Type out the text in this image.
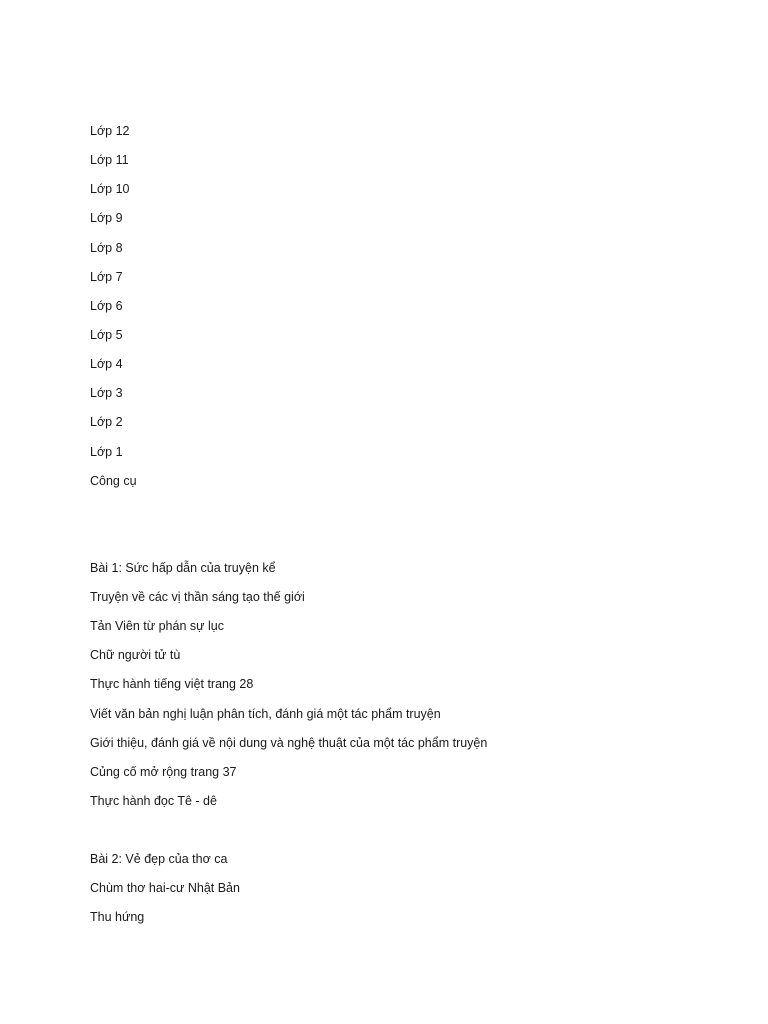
Lớp 12
Lớp 11
Lớp 10
Lớp 9
Lớp 8
Lớp 7
Lớp 6
Lớp 5
Lớp 4
Lớp 3
Lớp 2
Lớp 1
Công cụ
Bài 1: Sức hấp dẫn của truyện kể
Truyện về các vị thần sáng tạo thế giới
Tản Viên từ phán sự lục
Chữ người tử tù
Thực hành tiếng việt trang 28
Viết văn bản nghị luận phân tích, đánh giá một tác phẩm truyện
Giới thiệu, đánh giá về nội dung và nghệ thuật của một tác phẩm truyện
Củng cố mở rộng trang 37
Thực hành đọc Tê - dê
Bài 2: Vẻ đẹp của thơ ca
Chùm thơ hai-cư Nhật Bản
Thu hứng
